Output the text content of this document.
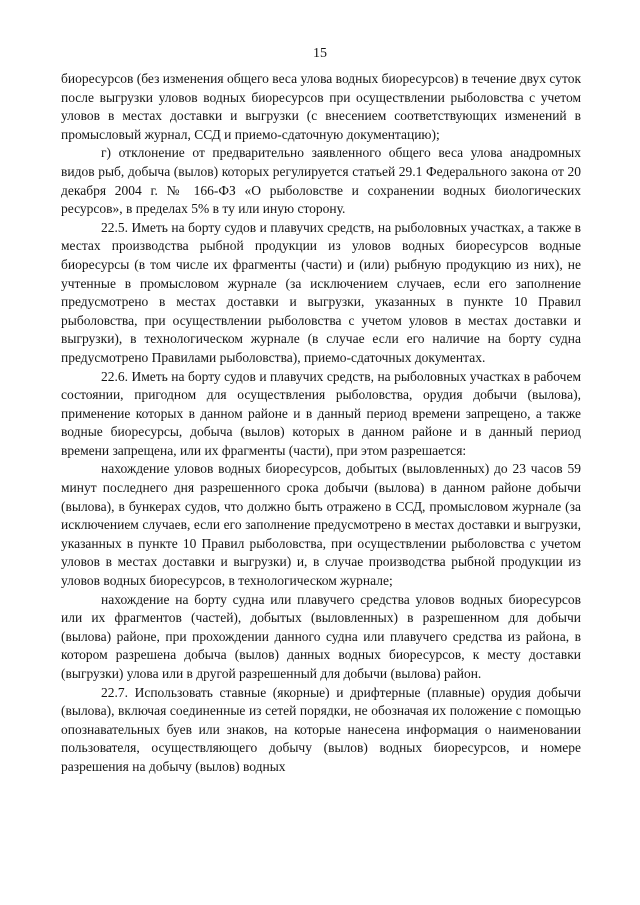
15

биоресурсов (без изменения общего веса улова водных биоресурсов) в течение двух суток после выгрузки уловов водных биоресурсов при осуществлении рыболовства с учетом уловов в местах доставки и выгрузки (с внесением соответствующих изменений в промысловый журнал, ССД и приемо-сдаточную документацию);

г) отклонение от предварительно заявленного общего веса улова анадромных видов рыб, добыча (вылов) которых регулируется статьей 29.1 Федерального закона от 20 декабря 2004 г. № 166-ФЗ «О рыболовстве и сохранении водных биологических ресурсов», в пределах 5% в ту или иную сторону.

22.5. Иметь на борту судов и плавучих средств, на рыболовных участках, а также в местах производства рыбной продукции из уловов водных биоресурсов водные биоресурсы (в том числе их фрагменты (части) и (или) рыбную продукцию из них), не учтенные в промысловом журнале (за исключением случаев, если его заполнение предусмотрено в местах доставки и выгрузки, указанных в пункте 10 Правил рыболовства, при осуществлении рыболовства с учетом уловов в местах доставки и выгрузки), в технологическом журнале (в случае если его наличие на борту судна предусмотрено Правилами рыболовства), приемо-сдаточных документах.

22.6. Иметь на борту судов и плавучих средств, на рыболовных участках в рабочем состоянии, пригодном для осуществления рыболовства, орудия добычи (вылова), применение которых в данном районе и в данный период времени запрещено, а также водные биоресурсы, добыча (вылов) которых в данном районе и в данный период времени запрещена, или их фрагменты (части), при этом разрешается:

нахождение уловов водных биоресурсов, добытых (выловленных) до 23 часов 59 минут последнего дня разрешенного срока добычи (вылова) в данном районе добычи (вылова), в бункерах судов, что должно быть отражено в ССД, промысловом журнале (за исключением случаев, если его заполнение предусмотрено в местах доставки и выгрузки, указанных в пункте 10 Правил рыболовства, при осуществлении рыболовства с учетом уловов в местах доставки и выгрузки) и, в случае производства рыбной продукции из уловов водных биоресурсов, в технологическом журнале;

нахождение на борту судна или плавучего средства уловов водных биоресурсов или их фрагментов (частей), добытых (выловленных) в разрешенном для добычи (вылова) районе, при прохождении данного судна или плавучего средства из района, в котором разрешена добыча (вылов) данных водных биоресурсов, к месту доставки (выгрузки) улова или в другой разрешенный для добычи (вылова) район.

22.7. Использовать ставные (якорные) и дрифтерные (плавные) орудия добычи (вылова), включая соединенные из сетей порядки, не обозначая их положение с помощью опознавательных буев или знаков, на которые нанесена информация о наименовании пользователя, осуществляющего добычу (вылов) водных биоресурсов, и номере разрешения на добычу (вылов) водных
